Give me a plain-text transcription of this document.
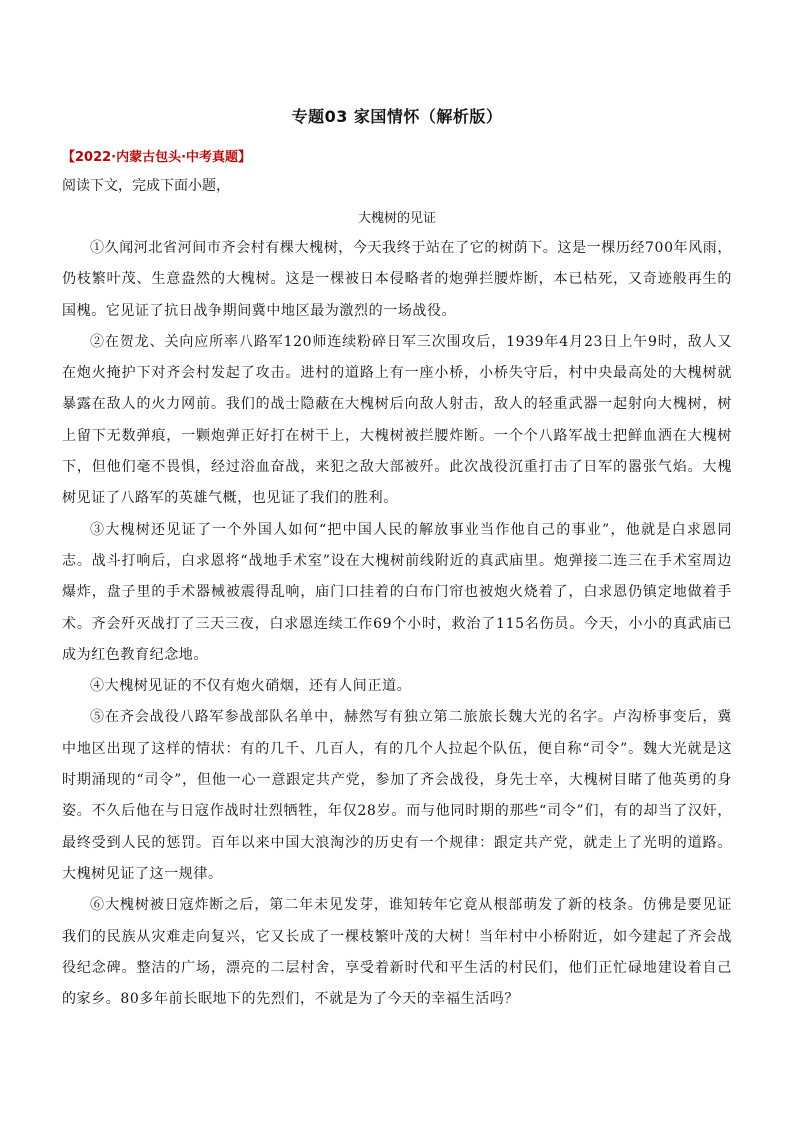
专题03 家国情怀（解析版）
【2022·内蒙古包头·中考真题】
阅读下文，完成下面小题，
大槐树的见证

①久闻河北省河间市齐会村有棵大槐树，今天我终于站在了它的树荫下。这是一棵历经700年风雨，仍枝繁叶茂、生意盎然的大槐树。这是一棵被日本侵略者的炮弹拦腰炸断，本已枯死，又奇迹般再生的国槐。它见证了抗日战争期间冀中地区最为激烈的一场战役。

②在贺龙、关向应所率八路军120师连续粉碎日军三次围攻后，1939年4月23日上午9时，敌人又在炮火掩护下对齐会村发起了攻击。进村的道路上有一座小桥，小桥失守后，村中央最高处的大槐树就暴露在敌人的火力网前。我们的战士隐蔽在大槐树后向敌人射击，敌人的轻重武器一起射向大槐树，树上留下无数弹痕，一颗炮弹正好打在树干上，大槐树被拦腰炸断。一个个八路军战士把鲜血洒在大槐树下，但他们毫不畏惧，经过浴血奋战，来犯之敌大部被歼。此次战役沉重打击了日军的嚣张气焰。大槐树见证了八路军的英雄气概，也见证了我们的胜利。

③大槐树还见证了一个外国人如何“把中国人民的解放事业当作他自己的事业”，他就是白求恩同志。战斗打响后，白求恩将“战地手术室”设在大槐树前线附近的真武庙里。炮弹接二连三在手术室周边爆炸，盘子里的手术器械被震得乱响，庙门口挂着的白布门帘也被炮火烧着了，白求恩仍镇定地做着手术。齐会歼灭战打了三天三夜，白求恩连续工作69个小时，救治了115名伤员。今天，小小的真武庙已成为红色教育纪念地。

④大槐树见证的不仅有炮火硝烟，还有人间正道。

⑤在齐会战役八路军参战部队名单中，赫然写有独立第二旅旅长魏大光的名字。卢沟桥事变后，冀中地区出现了这样的情状：有的几千、几百人，有的几个人拉起个队伍，便自称“司令”。魏大光就是这时期涌现的“司令”，但他一心一意跟定共产党，参加了齐会战役，身先士卒，大槐树目睹了他英勇的身姿。不久后他在与日寇作战时壮烈牺牲，年仅28岁。而与他同时期的那些“司令”们，有的却当了汉奸，最终受到人民的惩罚。百年以来中国大浪淘沙的历史有一个规律：跟定共产党，就走上了光明的道路。大槐树见证了这一规律。

⑥大槐树被日寇炸断之后，第二年未见发芽，谁知转年它竟从根部萌发了新的枝条。仿佛是要见证我们的民族从灾难走向复兴，它又长成了一棵枝繁叶茂的大树！当年村中小桥附近，如今建起了齐会战役纪念碑。整洁的广场，漂亮的二层村舍，享受着新时代和平生活的村民们，他们正忙碌地建设着自己的家乡。80多年前长眠地下的先烈们，不就是为了今天的幸福生活吗？
